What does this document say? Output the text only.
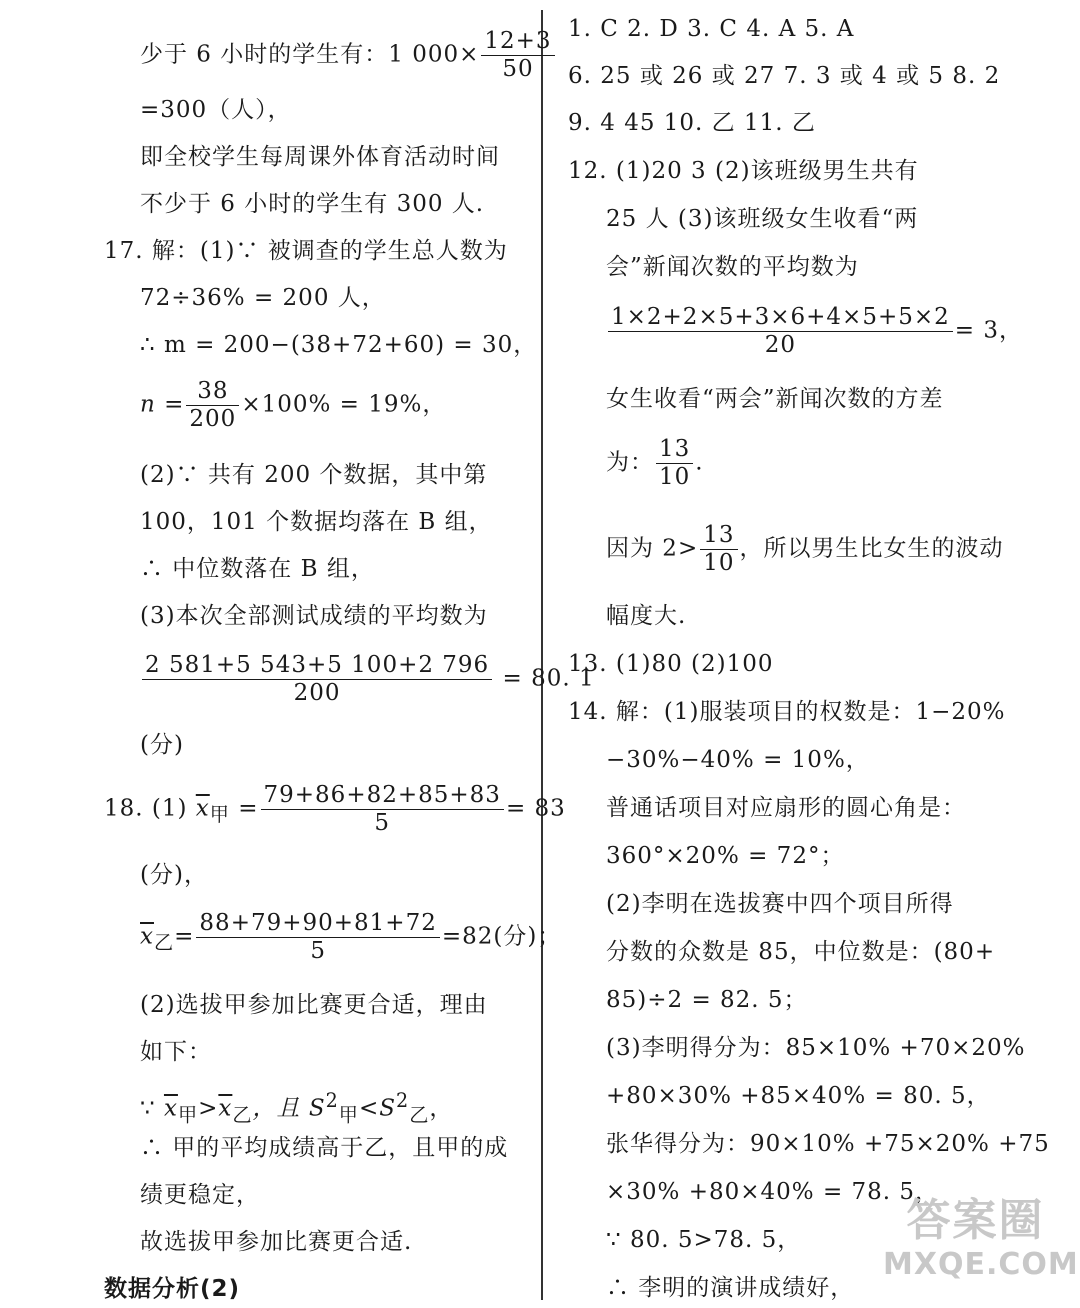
少于 6 小时的学生有：1 $000\times \frac{12+3}{50}$
=300（人），
即全校学生每周课外体育活动时间
不少于 6 小时的学生有 300 人.
17. 解：(1)∵ 被调查的学生总人数为
72÷36% = 200 人，
∴ m = 200−(38+72+60) = 30，
$n = \frac{38}{200} \times 100\% = 19\%$，
(2)∵ 共有 200 个数据，其中第
100，101 个数据均落在 B 组，
∴ 中位数落在 B 组，
(3)本次全部测试成绩的平均数为
$\frac{2 581+5 543+5 100+2 796}{200} = 80$. 1
(分)
18. (1) $\overline{x}_甲 = \frac{79+86+82+85+83}{5} = 83$
(分)，
$\overline{x}_乙= \frac{88+79+90+81+72}{5} =82$(分)；
(2)选拔甲参加比赛更合适，理由
如下：
∵ $\overline{x}_甲>\overline{x}_乙$，且 $S^2_甲<S^2_乙$，
∴ 甲的平均成绩高于乙，且甲的成
绩更稳定，
故选拔甲参加比赛更合适.
数据分析(2)
1. C 2. D 3. C 4. A 5. A
6. 25 或 26 或 27 7. 3 或 4 或 5 8. 2
9. 4 45 10. 乙 11. 乙
12. (1)20 3 (2)该班级男生共有
25 人 (3)该班级女生收看“两
会”新闻次数的平均数为
$\frac{1\times 2+2\times 5+3\times 6+4\times 5+5\times 2}{20} = 3$，
女生收看“两会”新闻次数的方差
为： $\frac{13}{10}$ .
因为 $2> \frac{13}{10}$ ，所以男生比女生的波动
幅度大.
13. (1)80 (2)100
14. 解：(1)服装项目的权数是：1−20%
−30%−40% = 10%，
普通话项目对应扇形的圆心角是：
360°×20% = 72°；
(2)李明在选拔赛中四个项目所得
分数的众数是 85，中位数是：(80+
85)÷2 = 82. 5；
(3)李明得分为：85×10% +70×20%
+80×30% +85×40% = 80. 5，
张华得分为：90×10% +75×20% +75
×30% +80×40% = 78. 5，
∵ 80. 5>78. 5，
∴ 李明的演讲成绩好，
答案圈
MXQE.COM
